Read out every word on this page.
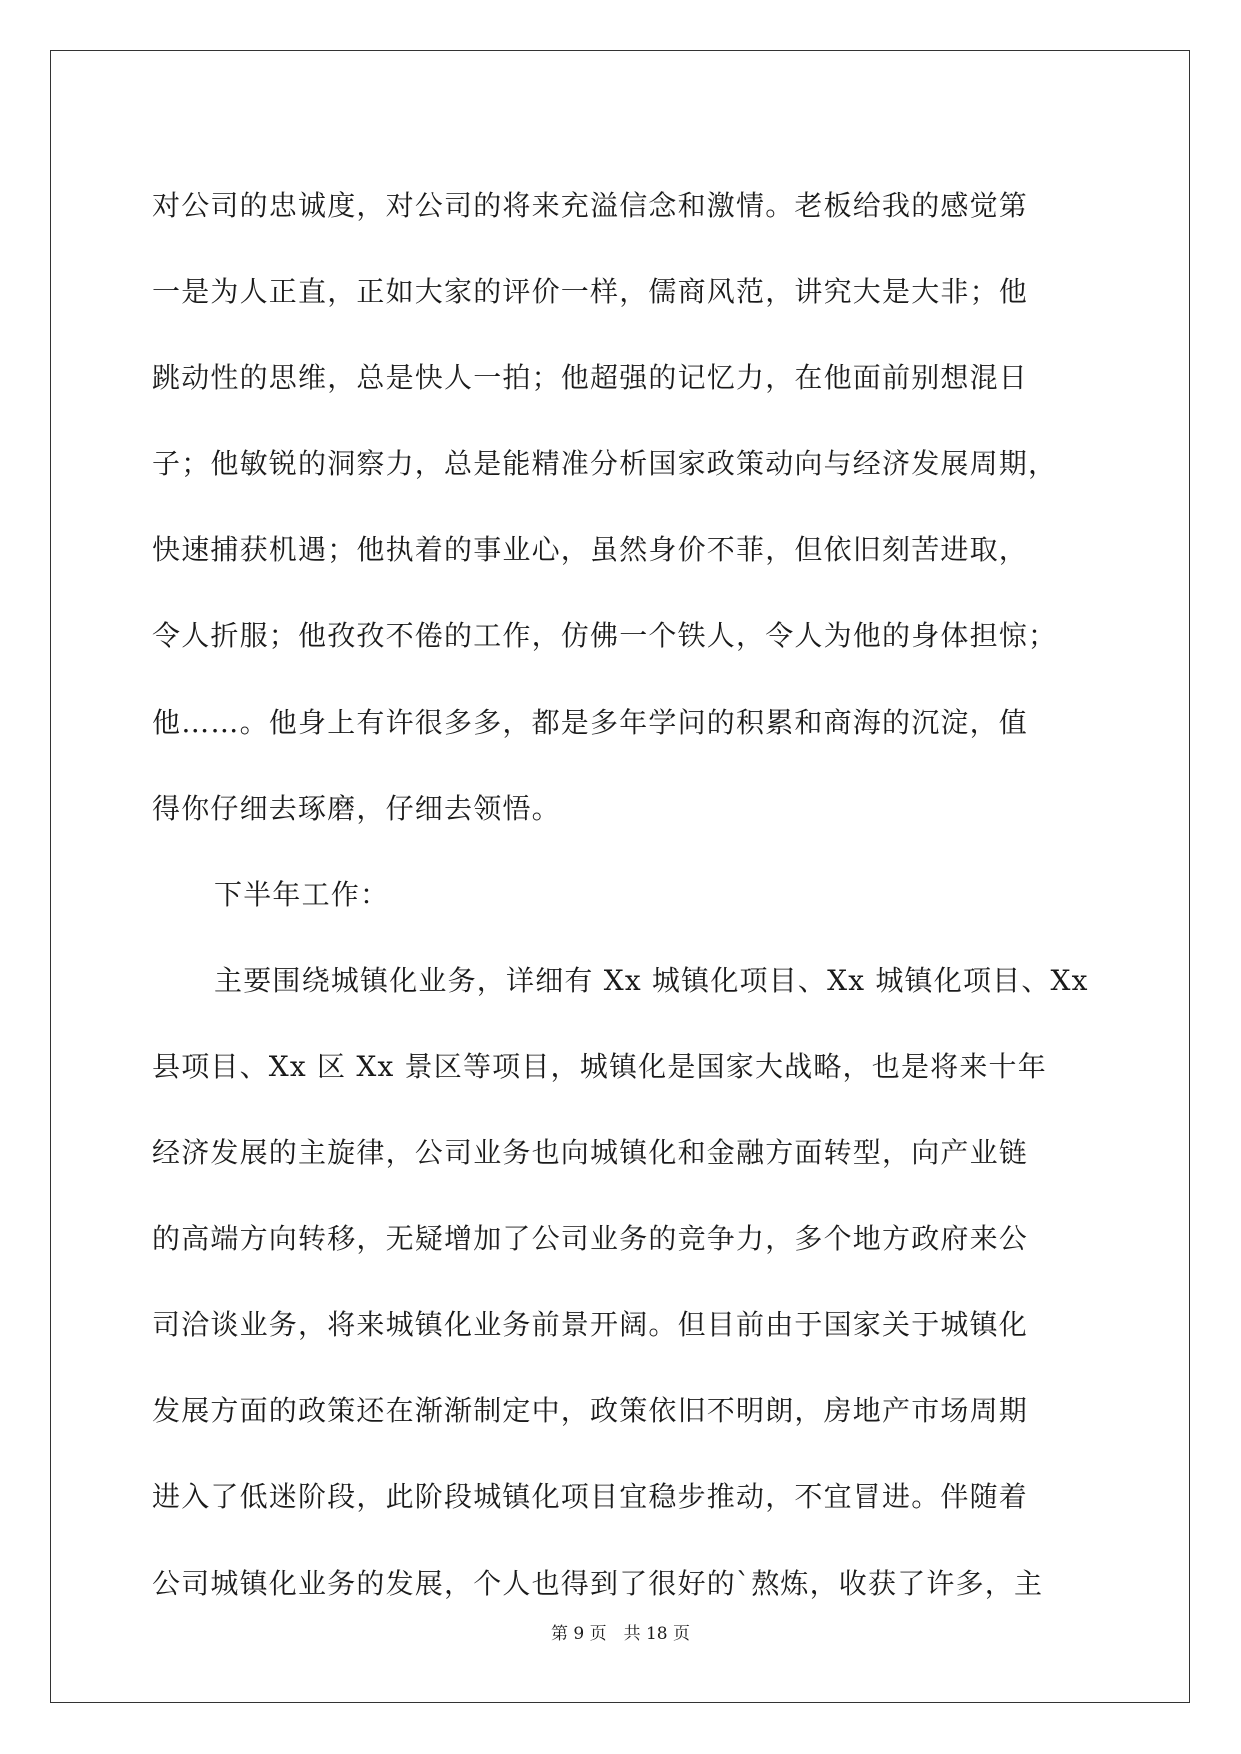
对公司的忠诚度，对公司的将来充溢信念和激情。老板给我的感觉第
一是为人正直，正如大家的评价一样，儒商风范，讲究大是大非；他
跳动性的思维，总是快人一拍；他超强的记忆力，在他面前别想混日
子；他敏锐的洞察力，总是能精准分析国家政策动向与经济发展周期，
快速捕获机遇；他执着的事业心，虽然身价不菲，但依旧刻苦进取，
令人折服；他孜孜不倦的工作，仿佛一个铁人，令人为他的身体担惊；
他……。他身上有许很多多，都是多年学问的积累和商海的沉淀，值
得你仔细去琢磨，仔细去领悟。
下半年工作：
主要围绕城镇化业务，详细有 Xx 城镇化项目、Xx 城镇化项目、Xx
县项目、Xx 区 Xx 景区等项目，城镇化是国家大战略，也是将来十年
经济发展的主旋律，公司业务也向城镇化和金融方面转型，向产业链
的高端方向转移，无疑增加了公司业务的竞争力，多个地方政府来公
司洽谈业务，将来城镇化业务前景开阔。但目前由于国家关于城镇化
发展方面的政策还在渐渐制定中，政策依旧不明朗，房地产市场周期
进入了低迷阶段，此阶段城镇化项目宜稳步推动，不宜冒进。伴随着
公司城镇化业务的发展，个人也得到了很好的`熬炼，收获了许多，主
第 9 页　共 18 页
